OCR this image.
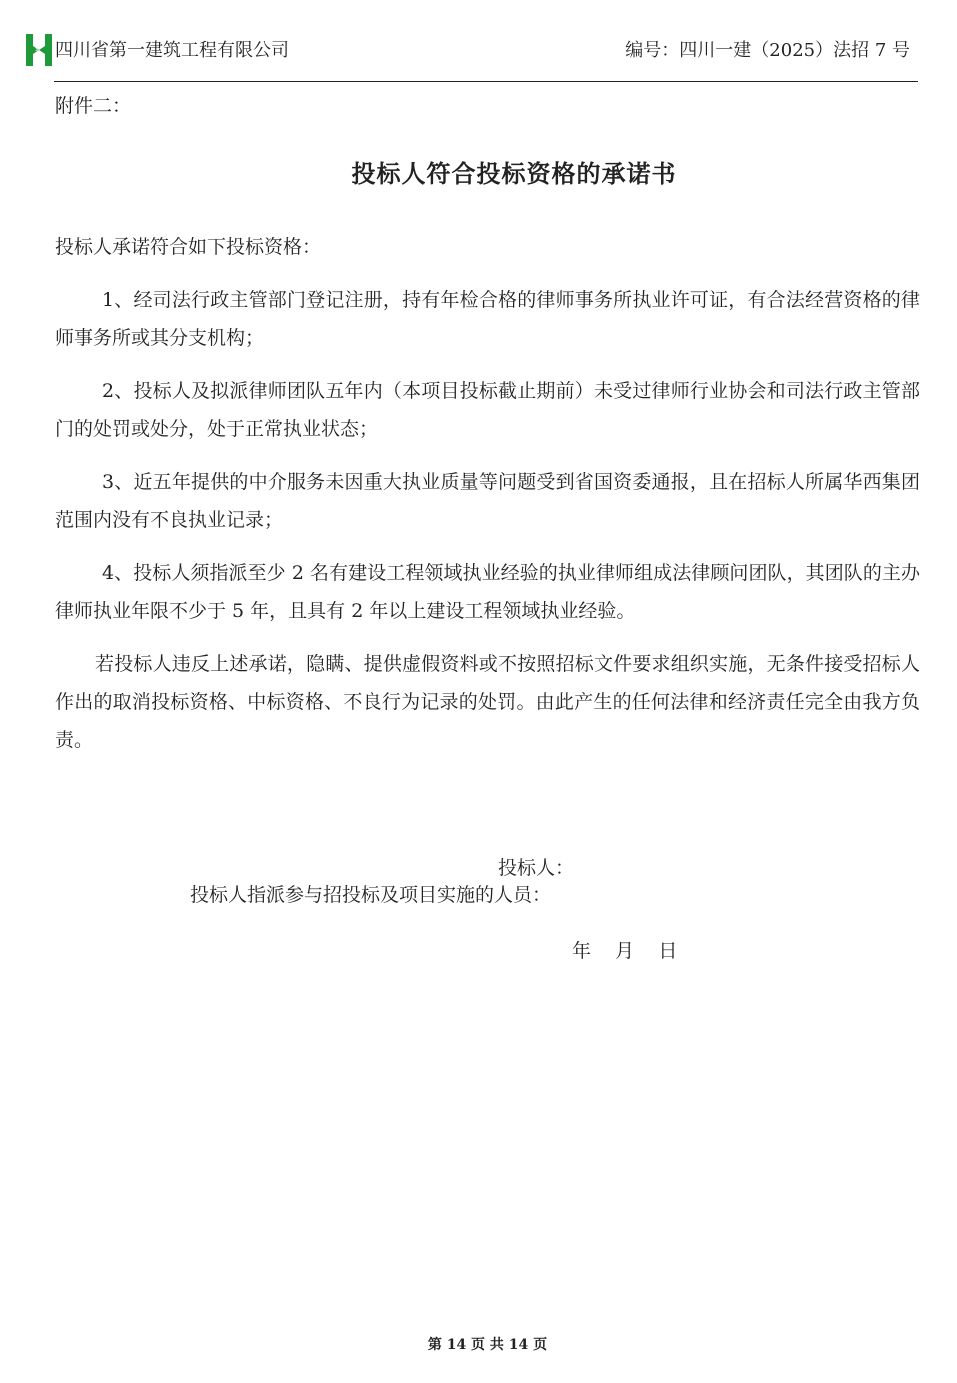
HUASHI 四川省第一建筑工程有限公司	编号：四川一建（2025）法招 7 号
附件二：
投标人符合投标资格的承诺书

投标人承诺符合如下投标资格：

1、经司法行政主管部门登记注册，持有年检合格的律师事务所执业许可证，有合法经营资格的律师事务所或其分支机构；

2、投标人及拟派律师团队五年内（本项目投标截止期前）未受过律师行业协会和司法行政主管部门的处罚或处分，处于正常执业状态；

3、近五年提供的中介服务未因重大执业质量等问题受到省国资委通报，且在招标人所属华西集团范围内没有不良执业记录；

4、投标人须指派至少 2 名有建设工程领域执业经验的执业律师组成法律顾问团队，其团队的主办律师执业年限不少于 5 年，且具有 2 年以上建设工程领域执业经验。

若投标人违反上述承诺，隐瞒、提供虚假资料或不按照招标文件要求组织实施，无条件接受招标人作出的取消投标资格、中标资格、不良行为记录的处罚。由此产生的任何法律和经济责任完全由我方负责。

投标人：
投标人指派参与招投标及项目实施的人员：
年    月    日
第 14 页 共 14 页
